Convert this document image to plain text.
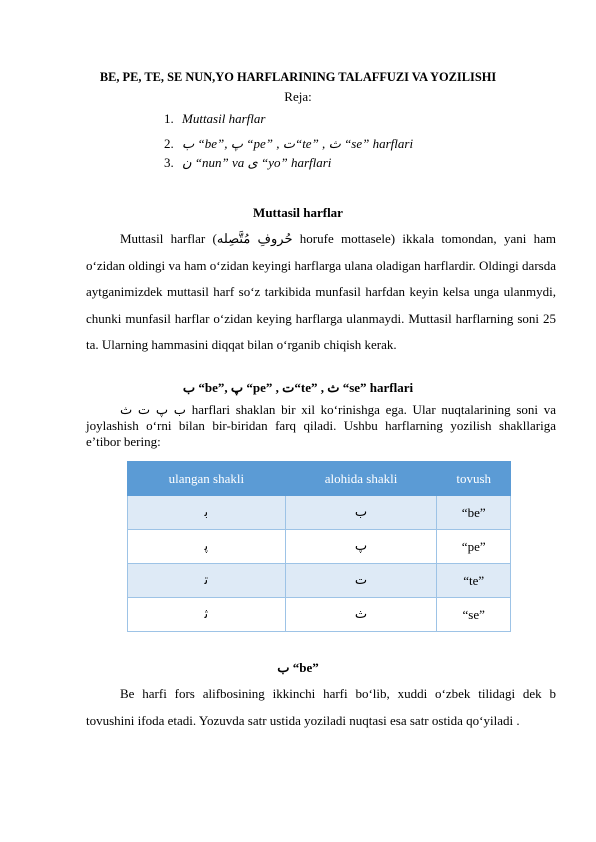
BE, PE, TE, SE NUN,YO HARFLARINING TALAFFUZI VA YOZILISHI
Reja:
1. Muttasil harflar
2. ب “be”, پ “pe” , ت“te” , ث “se” harflari
3. ن “nun” va ی “yo” harflari
Muttasil harflar
Muttasil harflar (حُروفِ مُتَّصِله horufe mottasele) ikkala tomondan, yani ham oʻzidan oldingi va ham oʻzidan keyingi harflarga ulana oladigan harflardir. Oldingi darsda aytganimizdek muttasil harf soʻz tarkibida munfasil harfdan keyin kelsa unga ulanmydi, chunki munfasil harflar oʻzidan keying harflarga ulanmaydi. Muttasil harflarning soni 25 ta. Ularning hammasini diqqat bilan oʻrganib chiqish kerak.
ب “be”, پ “pe” , ت“te” , ث “se” harflari
ب پ ت ث harflari shaklan bir xil koʻrinishga ega. Ular nuqtalarining soni va joylashish oʻrni bilan bir-biridan farq qiladi. Ushbu harflarning yozilish shakllariga eʼtibor bering:
ulangan shakli	alohida shakli	tovush
ﺑ	ب	“be”
ﭘ	پ	“pe”
ﺗ	ت	“te”
ﺛ	ث	“se”
ب “be”
Be harfi fors alifbosining ikkinchi harfi boʻlib, xuddi oʻzbek tilidagi dek b tovushini ifoda etadi. Yozuvda satr ustida yoziladi nuqtasi esa satr ostida qoʻyiladi .
